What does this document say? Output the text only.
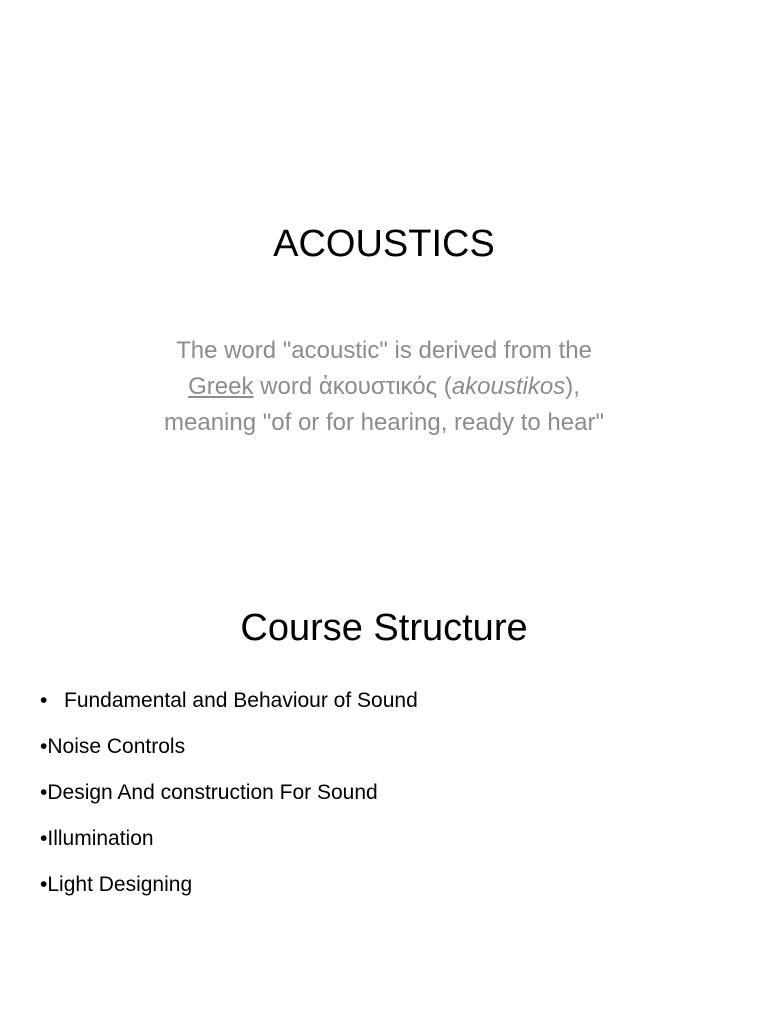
ACOUSTICS
The word "acoustic" is derived from the
Greek word ἀκουστικός (akoustikos),
meaning "of or for hearing, ready to hear"
Course Structure
• Fundamental and Behaviour of Sound
•Noise Controls
•Design And construction For Sound
•Illumination
•Light Designing
